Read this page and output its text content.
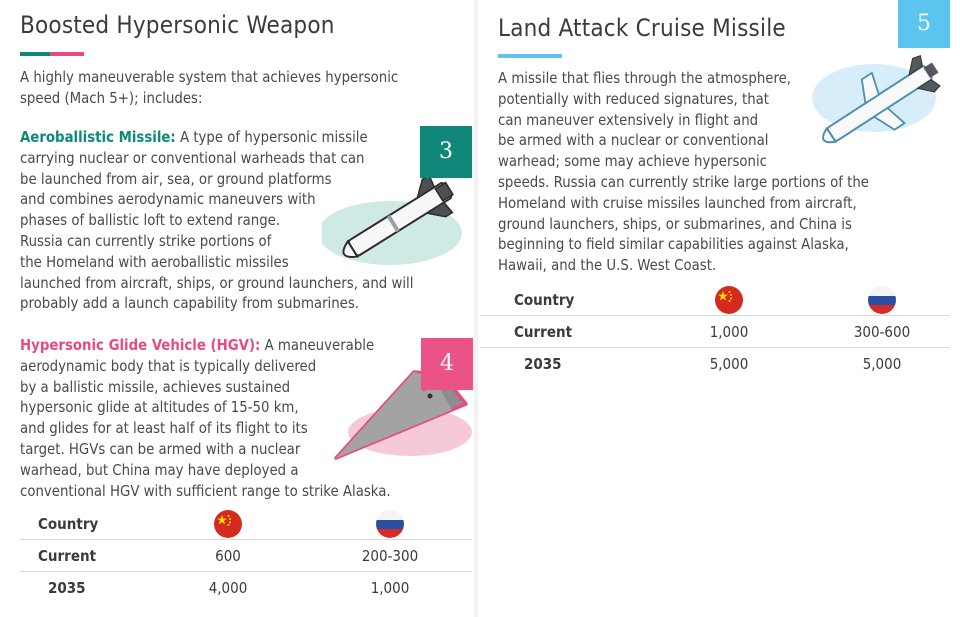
Boosted Hypersonic Weapon
A highly maneuverable system that achieves hypersonic
speed (Mach 5+); includes:
Aeroballistic Missile: A type of hypersonic missile
carrying nuclear or conventional warheads that can
be launched from air, sea, or ground platforms
and combines aerodynamic maneuvers with
phases of ballistic loft to extend range.
Russia can currently strike portions of
the Homeland with aeroballistic missiles
launched from aircraft, ships, or ground launchers, and will
probably add a launch capability from submarines.
3
Hypersonic Glide Vehicle (HGV): A maneuverable
aerodynamic body that is typically delivered
by a ballistic missile, achieves sustained
hypersonic glide at altitudes of 15-50 km,
and glides for at least half of its flight to its
target. HGVs can be armed with a nuclear
warhead, but China may have deployed a
conventional HGV with sufficient range to strike Alaska.
4
Country		
Current	600	200-300
2035	4,000	1,000
Land Attack Cruise Missile	5
A missile that flies through the atmosphere,
potentially with reduced signatures, that
can maneuver extensively in flight and
be armed with a nuclear or conventional
warhead; some may achieve hypersonic
speeds. Russia can currently strike large portions of the
Homeland with cruise missiles launched from aircraft,
ground launchers, ships, or submarines, and China is
beginning to field similar capabilities against Alaska,
Hawaii, and the U.S. West Coast.
Country		
Current	1,000	300-600
2035	5,000	5,000
